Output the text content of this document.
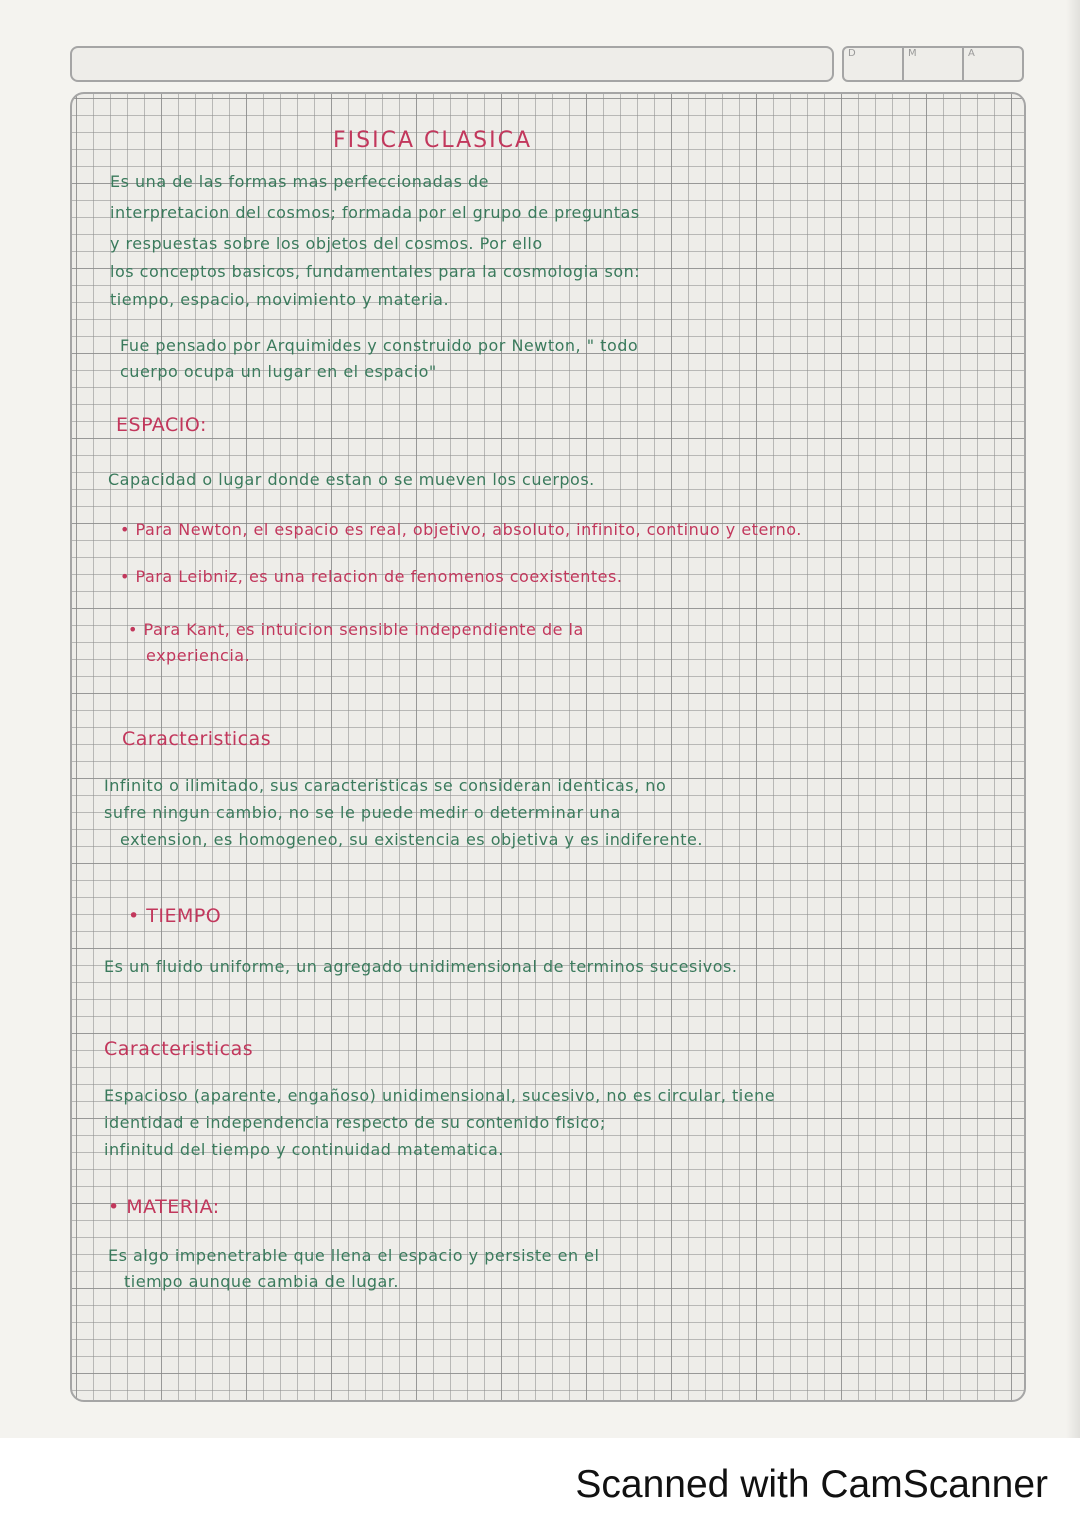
D	M	A
FISICA CLASICA
Es una de las formas mas perfeccionadas de
interpretacion del cosmos; formada por el grupo de preguntas
y respuestas sobre los objetos del cosmos. Por ello
los conceptos basicos, fundamentales para la cosmologia son:
tiempo, espacio, movimiento y materia.
Fue pensado por Arquimides y construido por Newton, " todo
cuerpo ocupa un lugar en el espacio"
ESPACIO:
Capacidad o lugar donde estan o se mueven los cuerpos.
• Para Newton, el espacio es real, objetivo, absoluto, infinito, continuo y eterno.
• Para Leibniz, es una relacion de fenomenos coexistentes.
• Para Kant, es intuicion sensible independiente de la
experiencia.
Caracteristicas
Infinito o ilimitado, sus caracteristicas se consideran identicas, no
sufre ningun cambio, no se le puede medir o determinar una
extension, es homogeneo, su existencia es objetiva y es indiferente.
• TIEMPO
Es un fluido uniforme, un agregado unidimensional de terminos sucesivos.
Caracteristicas
Espacioso (aparente, engañoso) unidimensional, sucesivo, no es circular, tiene
identidad e independencia respecto de su contenido fisico;
infinitud del tiempo y continuidad matematica.
• MATERIA:
Es algo impenetrable que llena el espacio y persiste en el
tiempo aunque cambia de lugar.
Scanned with CamScanner
